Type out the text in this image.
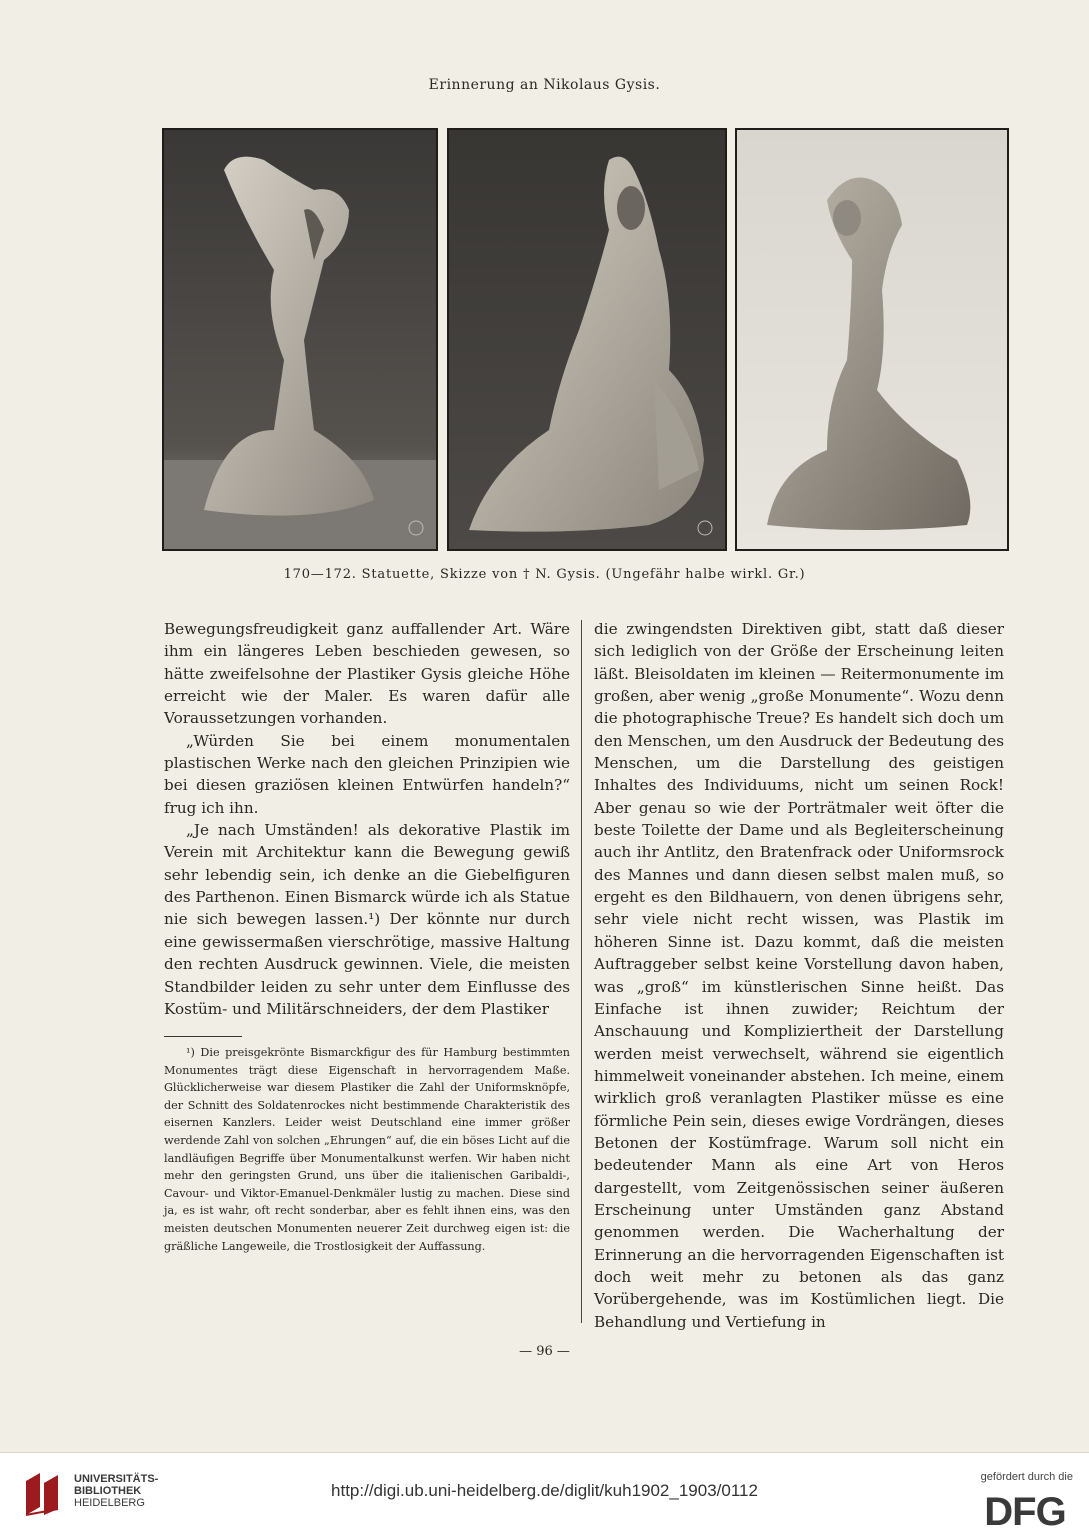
Erinnerung an Nikolaus Gysis.
170—172. Statuette, Skizze von † N. Gysis. (Ungefähr halbe wirkl. Gr.)

Bewegungsfreudigkeit ganz auffallender Art. Wäre ihm ein längeres Leben beschieden gewesen, so hätte zweifelsohne der Plastiker Gysis gleiche Höhe erreicht wie der Maler. Es waren dafür alle Voraussetzungen vorhanden.

„Würden Sie bei einem monumentalen plastischen Werke nach den gleichen Prinzipien wie bei diesen graziösen kleinen Entwürfen handeln?“ frug ich ihn.

„Je nach Umständen! als dekorative Plastik im Verein mit Architektur kann die Bewegung gewiß sehr lebendig sein, ich denke an die Giebelfiguren des Parthenon. Einen Bismarck würde ich als Statue nie sich bewegen lassen.¹) Der könnte nur durch eine gewissermaßen vierschrötige, massive Haltung den rechten Ausdruck gewinnen. Viele, die meisten Standbilder leiden zu sehr unter dem Einflusse des Kostüm- und Militärschneiders, der dem Plastiker

¹) Die preisgekrönte Bismarckfigur des für Hamburg bestimmten Monumentes trägt diese Eigenschaft in hervorragendem Maße. Glücklicherweise war diesem Plastiker die Zahl der Uniformsknöpfe, der Schnitt des Soldatenrockes nicht bestimmende Charakteristik des eisernen Kanzlers. Leider weist Deutschland eine immer größer werdende Zahl von solchen „Ehrungen“ auf, die ein böses Licht auf die landläufigen Begriffe über Monumentalkunst werfen. Wir haben nicht mehr den geringsten Grund, uns über die italienischen Garibaldi-, Cavour- und Viktor-Emanuel-Denkmäler lustig zu machen. Diese sind ja, es ist wahr, oft recht sonderbar, aber es fehlt ihnen eins, was den meisten deutschen Monumenten neuerer Zeit durchweg eigen ist: die gräßliche Langeweile, die Trostlosigkeit der Auffassung.

die zwingendsten Direktiven gibt, statt daß dieser sich lediglich von der Größe der Erscheinung leiten läßt. Bleisoldaten im kleinen — Reitermonumente im großen, aber wenig „große Monumente“. Wozu denn die photographische Treue? Es handelt sich doch um den Menschen, um den Ausdruck der Bedeutung des Menschen, um die Darstellung des geistigen Inhaltes des Individuums, nicht um seinen Rock! Aber genau so wie der Porträtmaler weit öfter die beste Toilette der Dame und als Begleiterscheinung auch ihr Antlitz, den Bratenfrack oder Uniformsrock des Mannes und dann diesen selbst malen muß, so ergeht es den Bildhauern, von denen übrigens sehr, sehr viele nicht recht wissen, was Plastik im höheren Sinne ist. Dazu kommt, daß die meisten Auftraggeber selbst keine Vorstellung davon haben, was „groß“ im künstlerischen Sinne heißt. Das Einfache ist ihnen zuwider; Reichtum der Anschauung und Kompliziertheit der Darstellung werden meist verwechselt, während sie eigentlich himmelweit voneinander abstehen. Ich meine, einem wirklich groß veranlagten Plastiker müsse es eine förmliche Pein sein, dieses ewige Vordrängen, dieses Betonen der Kostümfrage. Warum soll nicht ein bedeutender Mann als eine Art von Heros dargestellt, vom Zeitgenössischen seiner äußeren Erscheinung unter Umständen ganz Abstand genommen werden. Die Wacherhaltung der Erinnerung an die hervorragenden Eigenschaften ist doch weit mehr zu betonen als das ganz Vorübergehende, was im Kostümlichen liegt. Die Behandlung und Vertiefung in

— 96 —
UNIVERSITÄTS-
BIBLIOTHEK
HEIDELBERG
http://digi.ub.uni-heidelberg.de/diglit/kuh1902_1903/0112
gefördert durch die
DFG
